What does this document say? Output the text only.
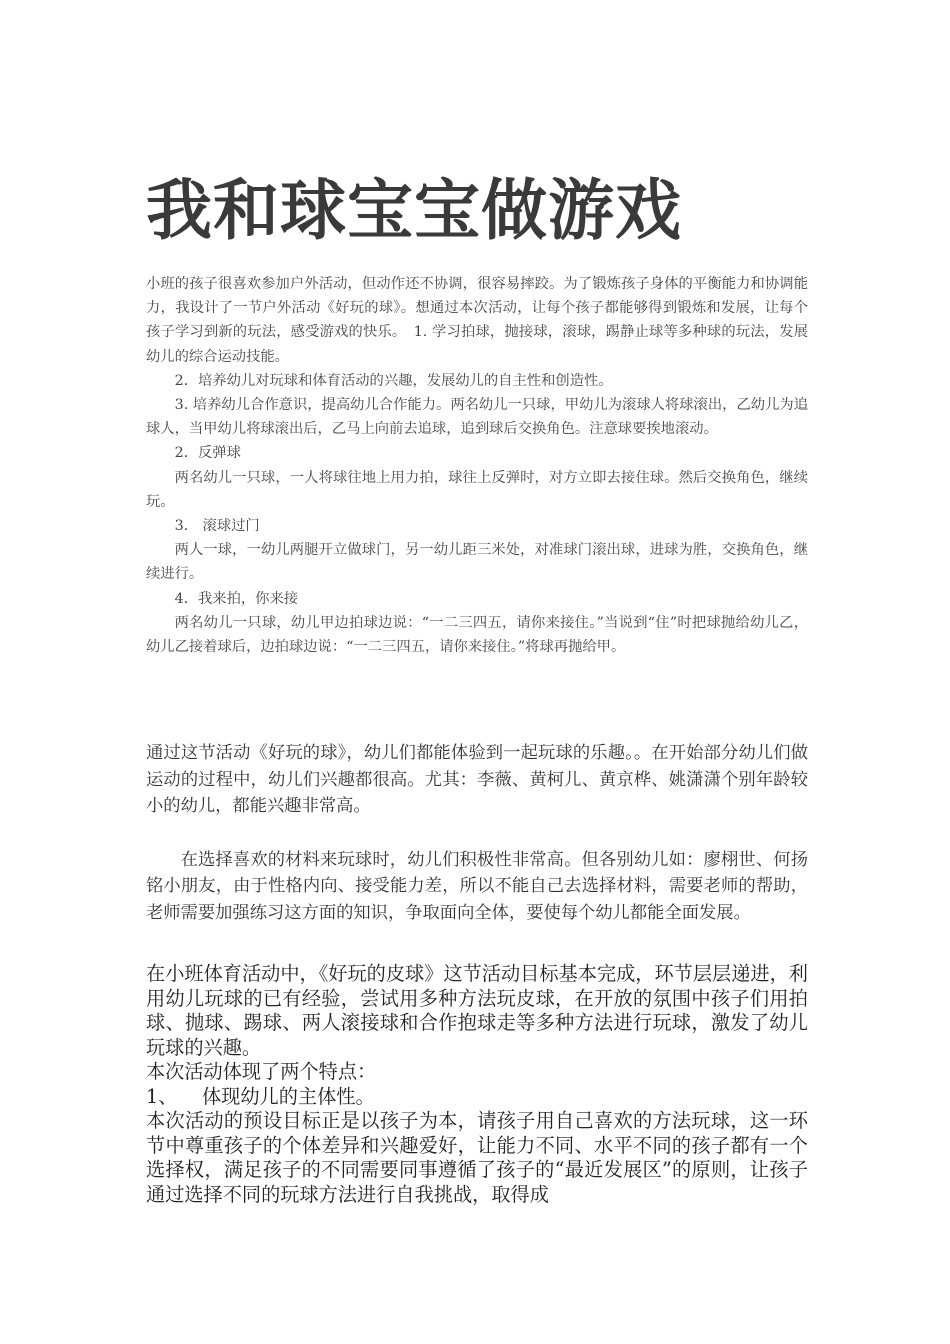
我和球宝宝做游戏

小班的孩子很喜欢参加户外活动，但动作还不协调，很容易摔跤。为了锻炼孩子身体的平衡能力和协调能力，我设计了一节户外活动《好玩的球》。想通过本次活动，让每个孩子都能够得到锻炼和发展，让每个孩子学习到新的玩法，感受游戏的快乐。　1. 学习拍球，抛接球，滚球，踢静止球等多种球的玩法，发展幼儿的综合运动技能。

2．培养幼儿对玩球和体育活动的兴趣，发展幼儿的自主性和创造性。

3. 培养幼儿合作意识，提高幼儿合作能力。两名幼儿一只球，甲幼儿为滚球人将球滚出，乙幼儿为追球人，当甲幼儿将球滚出后，乙马上向前去追球，追到球后交换角色。注意球要挨地滚动。

2．反弹球

两名幼儿一只球，一人将球往地上用力拍，球往上反弹时，对方立即去接住球。然后交换角色，继续玩。

3． 滚球过门

两人一球，一幼儿两腿开立做球门，另一幼儿距三米处，对准球门滚出球，进球为胜，交换角色，继续进行。

4．我来拍，你来接

两名幼儿一只球，幼儿甲边拍球边说：“一二三四五，请你来接住。”当说到“住”时把球抛给幼儿乙，幼儿乙接着球后，边拍球边说：“一二三四五，请你来接住。”将球再抛给甲。

通过这节活动《好玩的球》，幼儿们都能体验到一起玩球的乐趣。。在开始部分幼儿们做运动的过程中，幼儿们兴趣都很高。尤其：李薇、黄柯儿、黄京桦、姚潇潇个别年龄较小的幼儿，都能兴趣非常高。

在选择喜欢的材料来玩球时，幼儿们积极性非常高。但各别幼儿如：廖栩世、何扬铭小朋友，由于性格内向、接受能力差，所以不能自己去选择材料，需要老师的帮助，老师需要加强练习这方面的知识，争取面向全体，要使每个幼儿都能全面发展。

在小班体育活动中，《好玩的皮球》这节活动目标基本完成，环节层层递进，利用幼儿玩球的已有经验，尝试用多种方法玩皮球，在开放的氛围中孩子们用拍球、抛球、踢球、两人滚接球和合作抱球走等多种方法进行玩球，激发了幼儿玩球的兴趣。

本次活动体现了两个特点：

1、 体现幼儿的主体性。

本次活动的预设目标正是以孩子为本，请孩子用自己喜欢的方法玩球，这一环节中尊重孩子的个体差异和兴趣爱好，让能力不同、水平不同的孩子都有一个选择权，满足孩子的不同需要同事遵循了孩子的“最近发展区”的原则，让孩子通过选择不同的玩球方法进行自我挑战，取得成
